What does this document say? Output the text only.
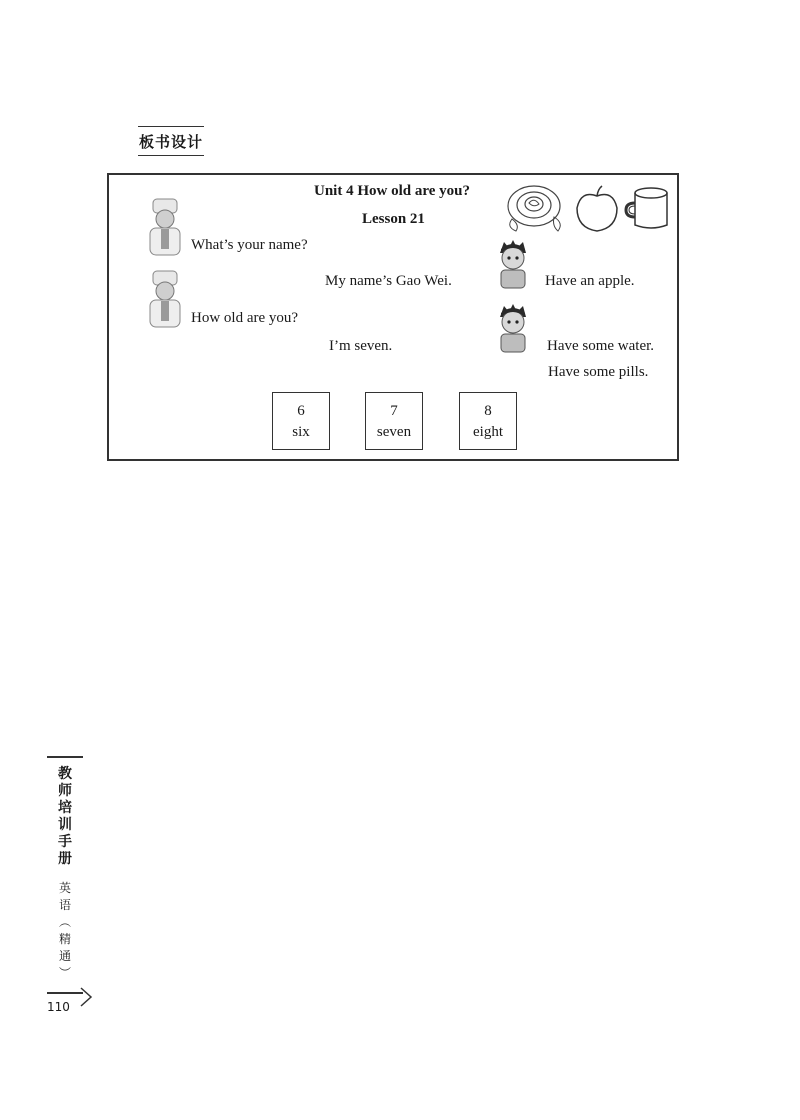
板书设计
Unit 4 How old are you?
Lesson 21
What’s your name?
My name’s Gao Wei.
How old are you?
I’m seven.
Have an apple.
Have some water.
Have some pills.
6
six
7
seven
8
eight
教
师
培
训
手
册
英
语
︵
精
通
︶
110
